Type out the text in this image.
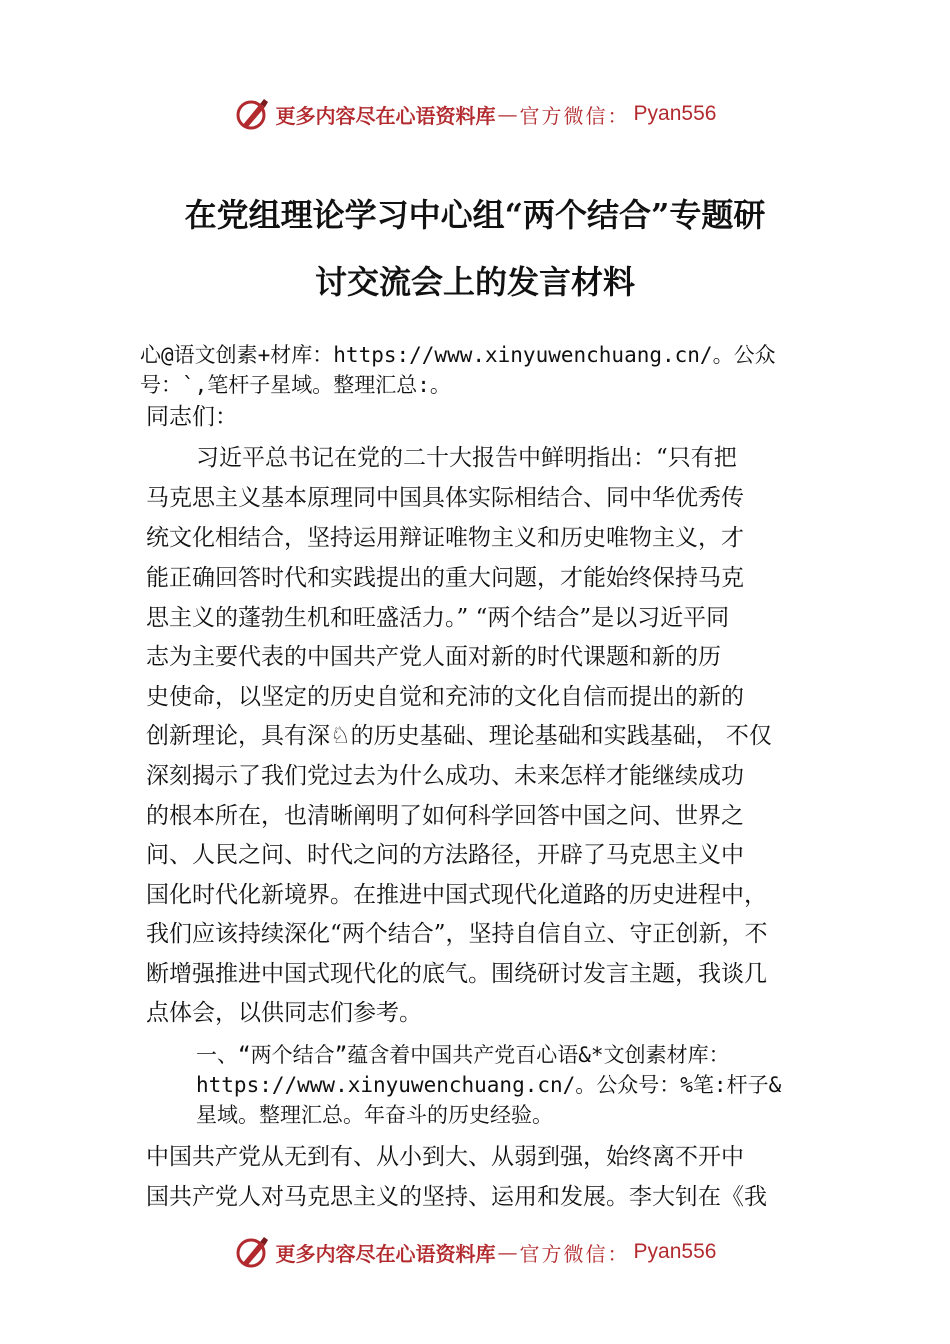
更多内容尽在心语资料库 — 官方微信： Pyan556
在党组理论学习中心组“两个结合”专题研
讨交流会上的发言材料
心@语文创素+材库：https://www.xinyuwenchuang.cn/。公众
号：`,笔杆子星域。整理汇总:。
同志们：
习近平总书记在党的二十大报告中鲜明指出：“只有把
马克思主义基本原理同中国具体实际相结合、同中华优秀传
统文化相结合，坚持运用辩证唯物主义和历史唯物主义，才
能正确回答时代和实践提出的重大问题，才能始终保持马克
思主义的蓬勃生机和旺盛活力。” “两个结合”是以习近平同
志为主要代表的中国共产党人面对新的时代课题和新的历
史使命，以坚定的历史自觉和充沛的文化自信而提出的新的
创新理论，具有深♘的历史基础、理论基础和实践基础， 不仅
深刻揭示了我们党过去为什么成功、未来怎样才能继续成功
的根本所在，也清晰阐明了如何科学回答中国之问、世界之
问、人民之问、时代之问的方法路径，开辟了马克思主义中
国化时代化新境界。在推进中国式现代化道路的历史进程中，
我们应该持续深化“两个结合”，坚持自信自立、守正创新，不
断增强推进中国式现代化的底气。围绕研讨发言主题，我谈几
点体会，以供同志们参考。
一、“两个结合”蕴含着中国共产党百心语&*文创素材库：
https://www.xinyuwenchuang.cn/。公众号：%笔:杆子&
星域。整理汇总。年奋斗的历史经验。
中国共产党从无到有、从小到大、从弱到强，始终离不开中
国共产党人对马克思主义的坚持、运用和发展。李大钊在《我
更多内容尽在心语资料库 — 官方微信： Pyan556
